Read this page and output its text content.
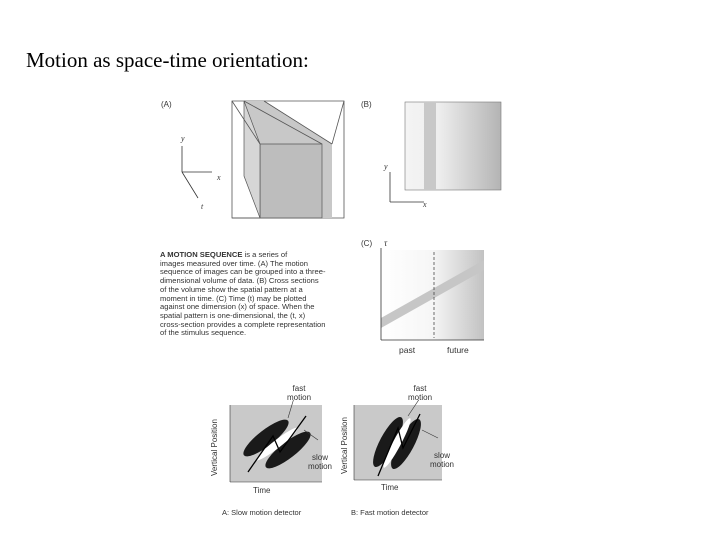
Motion as space-time orientation:
(A)
y
x
t
(B)
y
x
(C) τ
past	future
A MOTION SEQUENCE is a series of
images measured over time. (A) The motion
sequence of images can be grouped into a three-
dimensional volume of data. (B) Cross sections
of the volume show the spatial pattern at a
moment in time. (C) Time (t) may be plotted
against one dimension (x) of space. When the
spatial pattern is one-dimensional, the (t, x)
cross-section provides a complete representation
of the stimulus sequence.
fast
motion
slow
motion
Vertical Position
Time
A: Slow motion detector
fast
motion
slow
motion
Vertical Position
Time
B: Fast motion detector
